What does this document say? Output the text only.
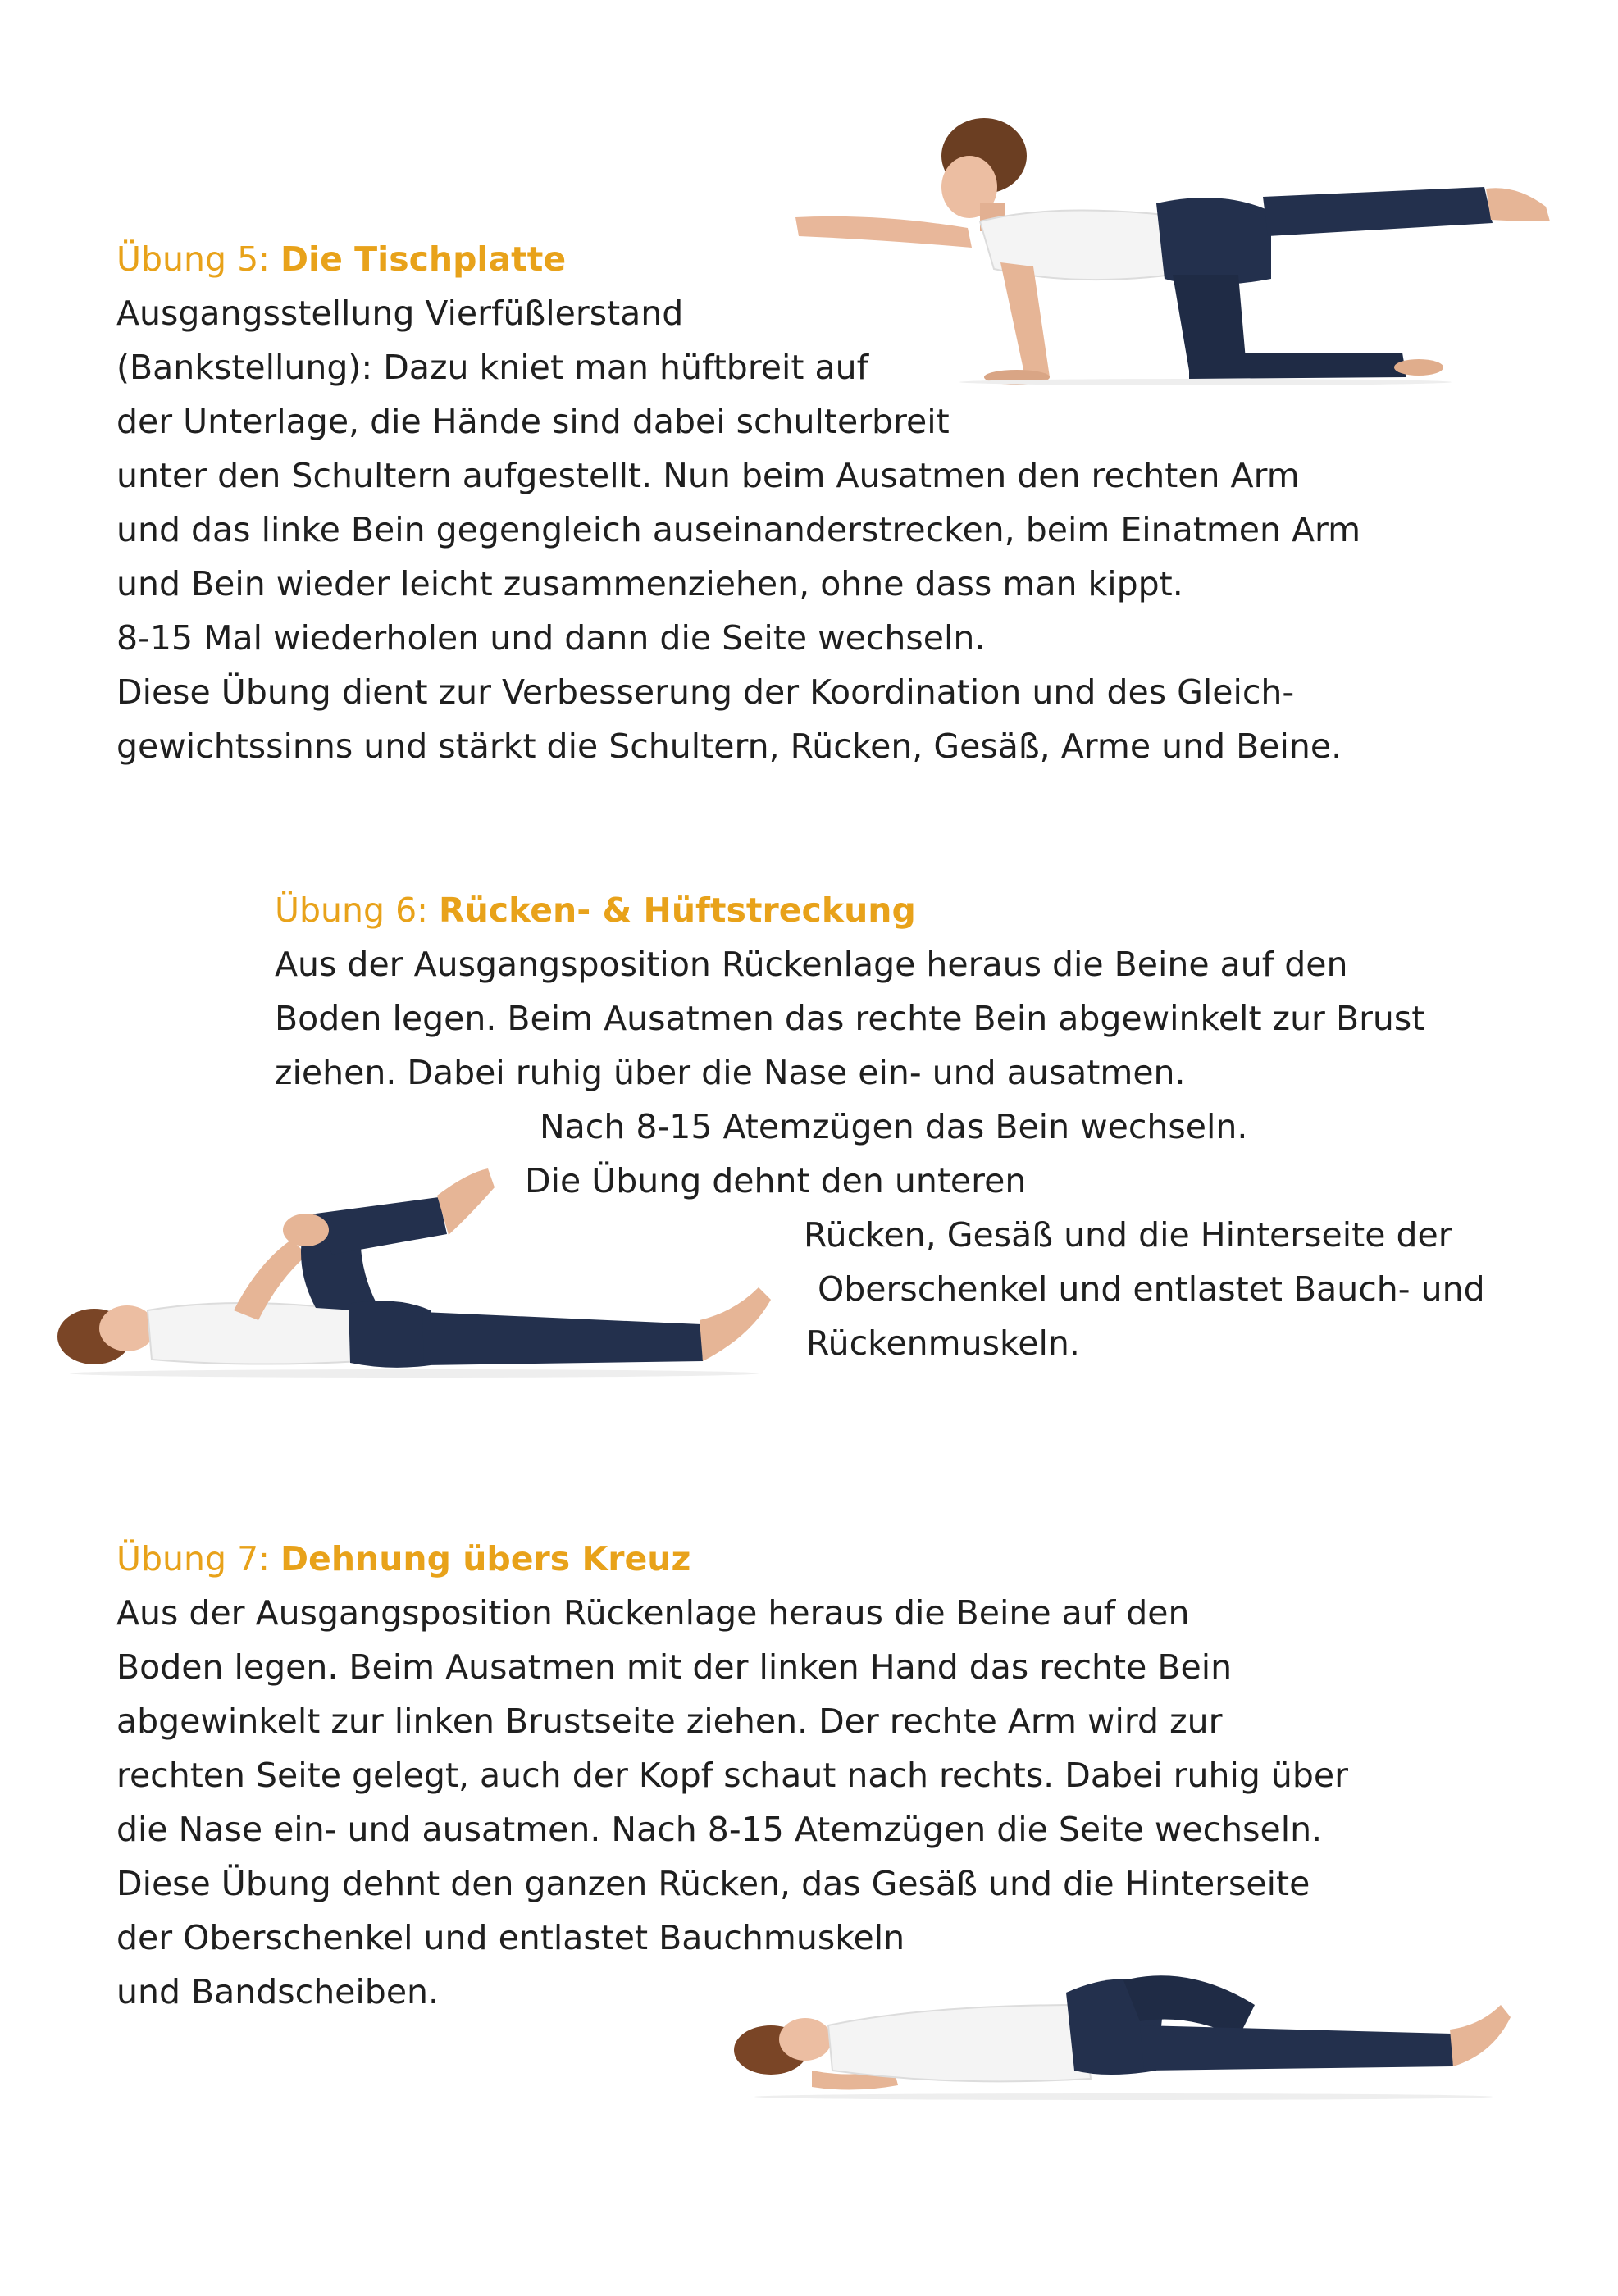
Übung 5: Die Tischplatte
Ausgangsstellung Vierfüßlerstand
(Bankstellung): Dazu kniet man hüftbreit auf
der Unterlage, die Hände sind dabei schulterbreit
unter den Schultern aufgestellt. Nun beim Ausatmen den rechten Arm
und das linke Bein gegengleich auseinanderstrecken, beim Einatmen Arm
und Bein wieder leicht zusammenziehen, ohne dass man kippt.
8-15 Mal wiederholen und dann die Seite wechseln.
Diese Übung dient zur Verbesserung der Koordination und des Gleich-
gewichtssinns und stärkt die Schultern, Rücken, Gesäß, Arme und Beine.
Übung 6: Rücken- & Hüftstreckung
Aus der Ausgangsposition Rückenlage heraus die Beine auf den
Boden legen. Beim Ausatmen das rechte Bein abgewinkelt zur Brust
ziehen. Dabei ruhig über die Nase ein- und ausatmen.
Nach 8-15 Atemzügen das Bein wechseln.
Die Übung dehnt den unteren
Rücken, Gesäß und die Hinterseite der
Oberschenkel und entlastet Bauch- und
Rückenmuskeln.
Übung 7: Dehnung übers Kreuz
Aus der Ausgangsposition Rückenlage heraus die Beine auf den
Boden legen. Beim Ausatmen mit der linken Hand das rechte Bein
abgewinkelt zur linken Brustseite ziehen. Der rechte Arm wird zur
rechten Seite gelegt, auch der Kopf schaut nach rechts. Dabei ruhig über
die Nase ein- und ausatmen. Nach 8-15 Atemzügen die Seite wechseln.
Diese Übung dehnt den ganzen Rücken, das Gesäß und die Hinterseite
der Oberschenkel und entlastet Bauchmuskeln
und Bandscheiben.
